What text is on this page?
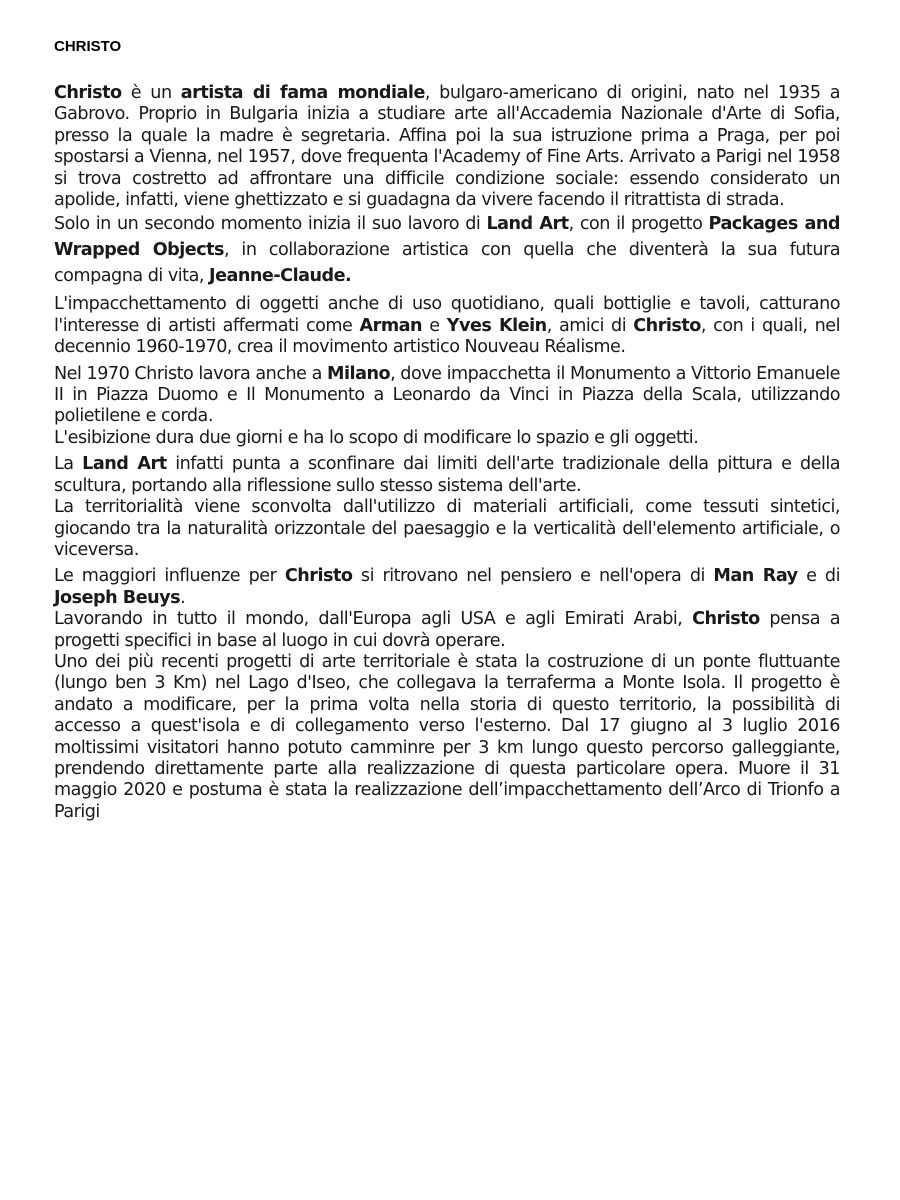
CHRISTO

Christo è un artista di fama mondiale, bulgaro-americano di origini, nato nel 1935 a Gabrovo. Proprio in Bulgaria inizia a studiare arte all'Accademia Nazionale d'Arte di Sofia, presso la quale la madre è segretaria. Affina poi la sua istruzione prima a Praga, per poi spostarsi a Vienna, nel 1957, dove frequenta l'Academy of Fine Arts. Arrivato a Parigi nel 1958 si trova costretto ad affrontare una difficile condizione sociale: essendo considerato un apolide, infatti, viene ghettizzato e si guadagna da vivere facendo il ritrattista di strada.

Solo in un secondo momento inizia il suo lavoro di Land Art, con il progetto Packages and Wrapped Objects, in collaborazione artistica con quella che diventerà la sua futura compagna di vita, Jeanne-Claude.

L'impacchettamento di oggetti anche di uso quotidiano, quali bottiglie e tavoli, catturano l'interesse di artisti affermati come Arman e Yves Klein, amici di Christo, con i quali, nel decennio 1960-1970, crea il movimento artistico Nouveau Réalisme.

Nel 1970 Christo lavora anche a Milano, dove impacchetta il Monumento a Vittorio Emanuele II in Piazza Duomo e Il Monumento a Leonardo da Vinci in Piazza della Scala, utilizzando polietilene e corda.

L'esibizione dura due giorni e ha lo scopo di modificare lo spazio e gli oggetti.

La Land Art infatti punta a sconfinare dai limiti dell'arte tradizionale della pittura e della scultura, portando alla riflessione sullo stesso sistema dell'arte.

La territorialità viene sconvolta dall'utilizzo di materiali artificiali, come tessuti sintetici, giocando tra la naturalità orizzontale del paesaggio e la verticalità dell'elemento artificiale, o viceversa.

Le maggiori influenze per Christo si ritrovano nel pensiero e nell'opera di Man Ray e di Joseph Beuys.

Lavorando in tutto il mondo, dall'Europa agli USA e agli Emirati Arabi, Christo pensa a progetti specifici in base al luogo in cui dovrà operare.

Uno dei più recenti progetti di arte territoriale è stata la costruzione di un ponte fluttuante (lungo ben 3 Km) nel Lago d'Iseo, che collegava la terraferma a Monte Isola. Il progetto è andato a modificare, per la prima volta nella storia di questo territorio, la possibilità di accesso a quest'isola e di collegamento verso l'esterno. Dal 17 giugno al 3 luglio 2016 moltissimi visitatori hanno potuto camminre per 3 km lungo questo percorso galleggiante, prendendo direttamente parte alla realizzazione di questa particolare opera. Muore il 31 maggio 2020 e postuma è stata la realizzazione dell’impacchettamento dell’Arco di Trionfo a Parigi
